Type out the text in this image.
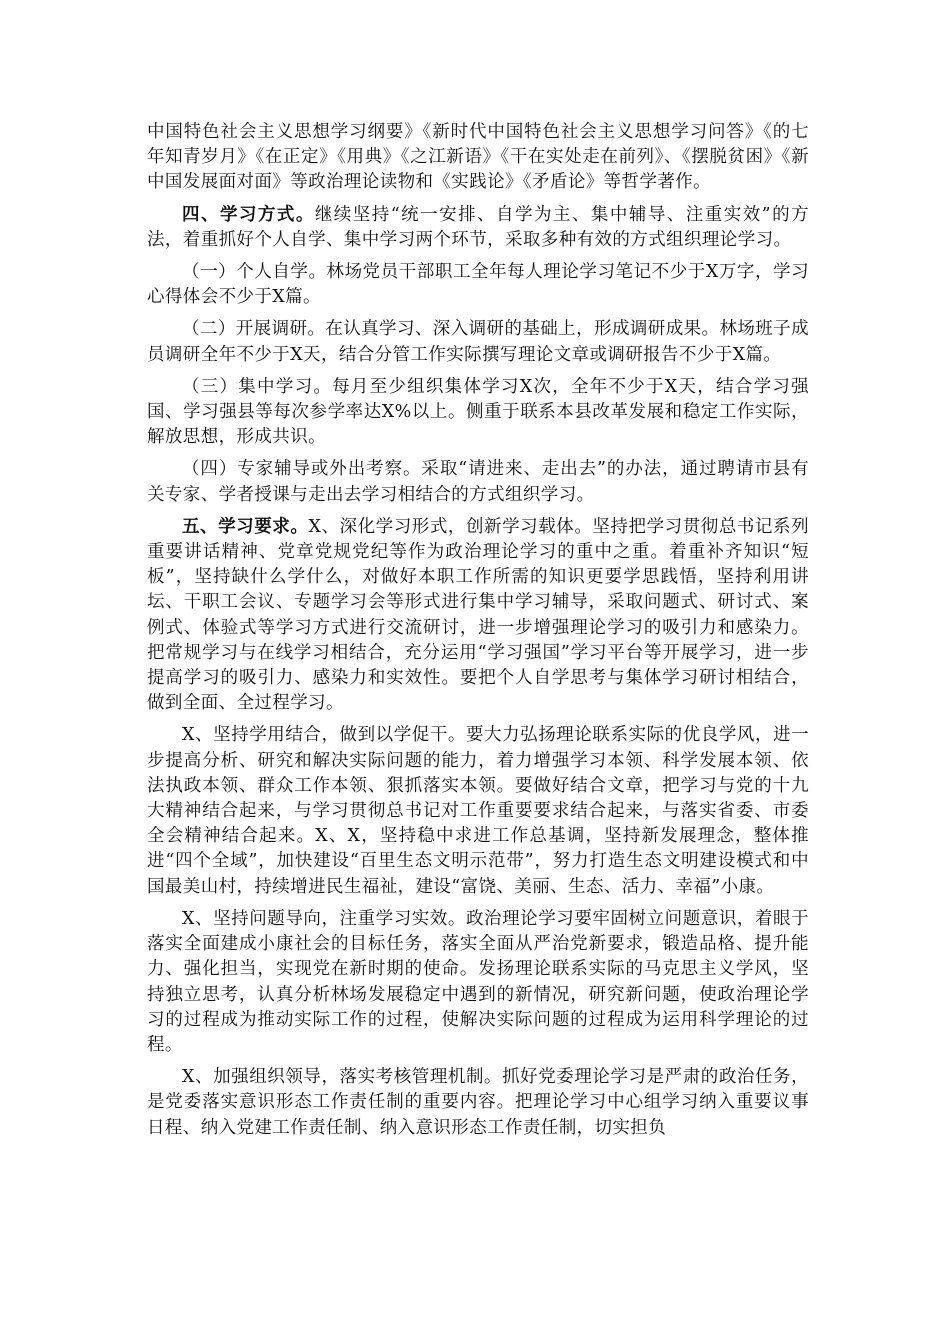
中国特色社会主义思想学习纲要》《新时代中国特色社会主义思想学习问答》《的七年知青岁月》《在正定》《用典》《之江新语》《干在实处走在前列》、《摆脱贫困》《新中国发展面对面》等政治理论读物和《实践论》《矛盾论》等哲学著作。

四、学习方式。继续坚持“统一安排、自学为主、集中辅导、注重实效”的方法，着重抓好个人自学、集中学习两个环节，采取多种有效的方式组织理论学习。

（一）个人自学。林场党员干部职工全年每人理论学习笔记不少于X万字，学习心得体会不少于X篇。

（二）开展调研。在认真学习、深入调研的基础上，形成调研成果。林场班子成员调研全年不少于X天，结合分管工作实际撰写理论文章或调研报告不少于X篇。

（三）集中学习。每月至少组织集体学习X次，全年不少于X天，结合学习强国、学习强县等每次参学率达X%以上。侧重于联系本县改革发展和稳定工作实际，解放思想，形成共识。

（四）专家辅导或外出考察。采取“请进来、走出去”的办法，通过聘请市县有关专家、学者授课与走出去学习相结合的方式组织学习。

五、学习要求。X、深化学习形式，创新学习载体。坚持把学习贯彻总书记系列重要讲话精神、党章党规党纪等作为政治理论学习的重中之重。着重补齐知识“短板”，坚持缺什么学什么，对做好本职工作所需的知识更要学思践悟，坚持利用讲坛、干职工会议、专题学习会等形式进行集中学习辅导，采取问题式、研讨式、案例式、体验式等学习方式进行交流研讨，进一步增强理论学习的吸引力和感染力。把常规学习与在线学习相结合，充分运用“学习强国”学习平台等开展学习，进一步提高学习的吸引力、感染力和实效性。要把个人自学思考与集体学习研讨相结合，做到全面、全过程学习。

X、坚持学用结合，做到以学促干。要大力弘扬理论联系实际的优良学风，进一步提高分析、研究和解决实际问题的能力，着力增强学习本领、科学发展本领、依法执政本领、群众工作本领、狠抓落实本领。要做好结合文章，把学习与党的十九大精神结合起来，与学习贯彻总书记对工作重要要求结合起来，与落实省委、市委全会精神结合起来。X、X，坚持稳中求进工作总基调，坚持新发展理念，整体推进“四个全域”，加快建设“百里生态文明示范带”，努力打造生态文明建设模式和中国最美山村，持续增进民生福祉，建设“富饶、美丽、生态、活力、幸福”小康。

X、坚持问题导向，注重学习实效。政治理论学习要牢固树立问题意识，着眼于落实全面建成小康社会的目标任务，落实全面从严治党新要求，锻造品格、提升能力、强化担当，实现党在新时期的使命。发扬理论联系实际的马克思主义学风，坚持独立思考，认真分析林场发展稳定中遇到的新情况，研究新问题，使政治理论学习的过程成为推动实际工作的过程，使解决实际问题的过程成为运用科学理论的过程。

X、加强组织领导，落实考核管理机制。抓好党委理论学习是严肃的政治任务，是党委落实意识形态工作责任制的重要内容。把理论学习中心组学习纳入重要议事日程、纳入党建工作责任制、纳入意识形态工作责任制，切实担负
